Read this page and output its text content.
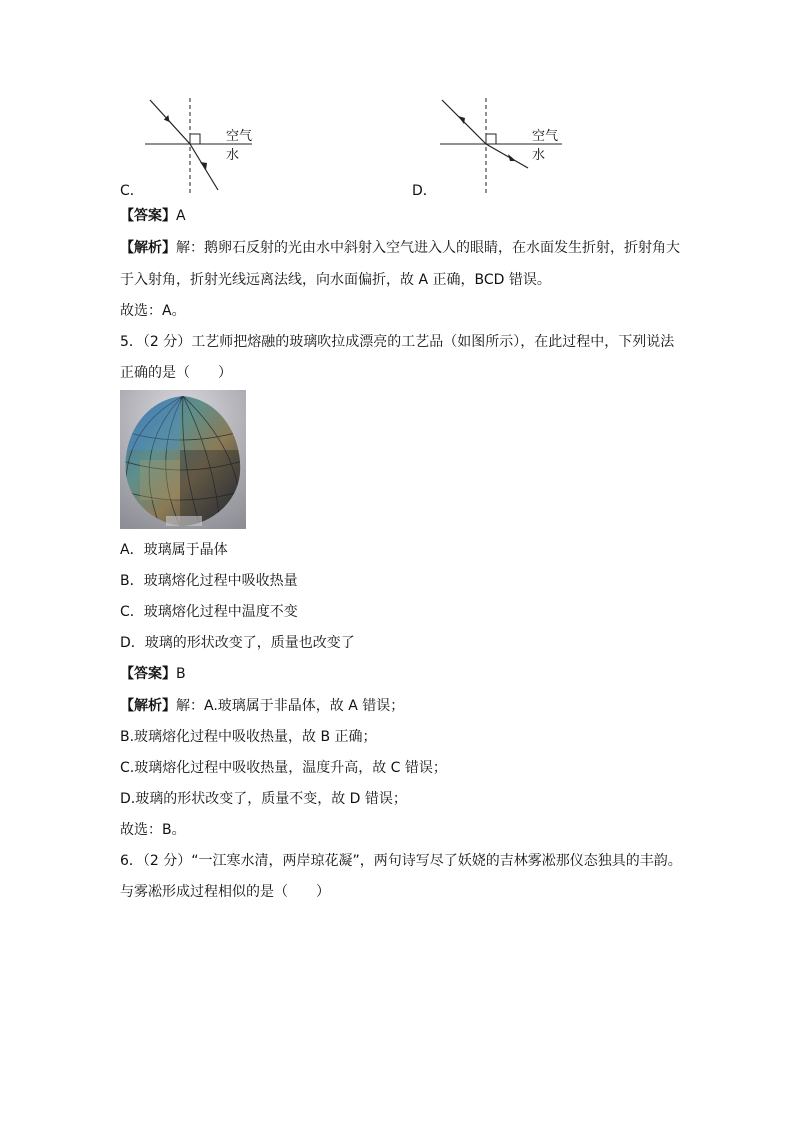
空气
水
C．
空气
水
D．
【答案】A
【解析】解：鹅卵石反射的光由水中斜射入空气进入人的眼睛，在水面发生折射，折射角大
于入射角，折射光线远离法线，向水面偏折，故 A 正确，BCD 错误。
故选：A。
5．（2 分）工艺师把熔融的玻璃吹拉成漂亮的工艺品（如图所示），在此过程中，下列说法
正确的是（　　）
A．玻璃属于晶体
B．玻璃熔化过程中吸收热量
C．玻璃熔化过程中温度不变
D．玻璃的形状改变了，质量也改变了
【答案】B
【解析】解：A.玻璃属于非晶体，故 A 错误；
B.玻璃熔化过程中吸收热量，故 B 正确；
C.玻璃熔化过程中吸收热量，温度升高，故 C 错误；
D.玻璃的形状改变了，质量不变，故 D 错误；
故选：B。
6．（2 分）“一江寒水清，两岸琼花凝”，两句诗写尽了妖娆的吉林雾凇那仪态独具的丰韵。
与雾凇形成过程相似的是（　　）
